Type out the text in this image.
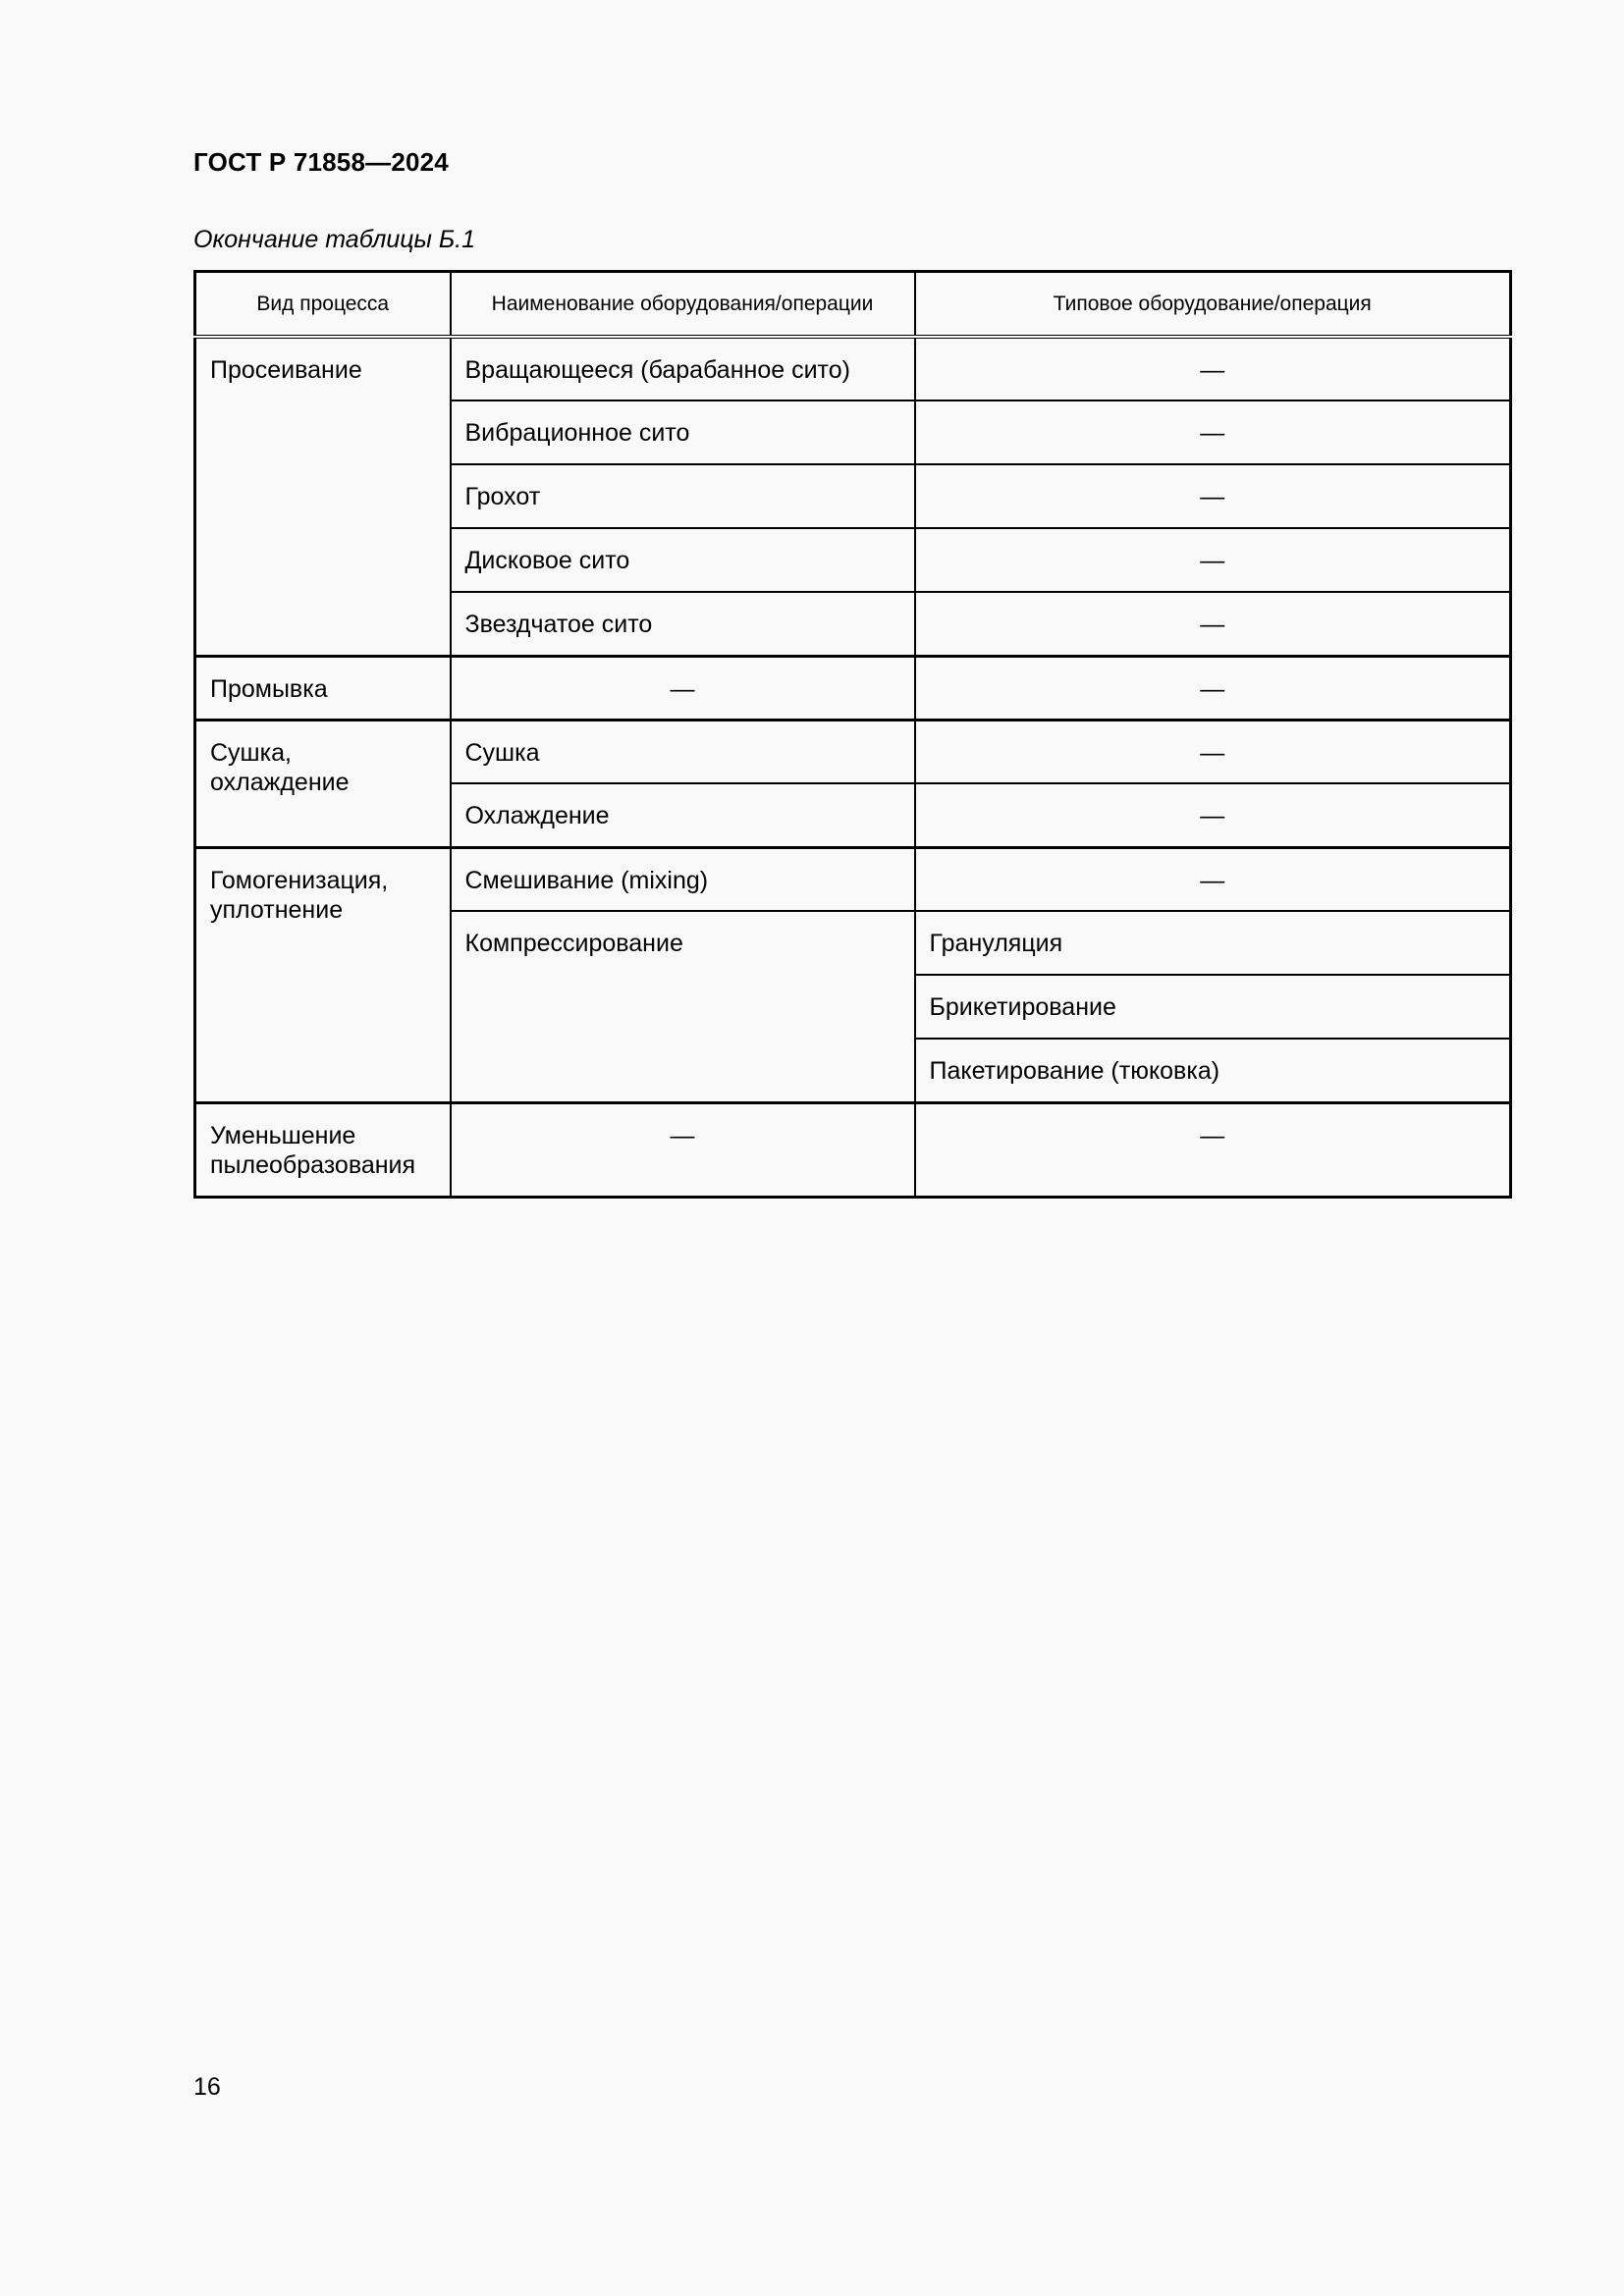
ГОСТ Р 71858—2024
Окончание таблицы Б.1
Вид процесса	Наименование оборудования/операции	Типовое оборудование/операция
Просеивание	Вращающееся (барабанное сито)	—
	Вибрационное сито	—
	Грохот	—
	Дисковое сито	—
	Звездчатое сито	—
Промывка	—	—
Сушка, охлаждение	Сушка	—
	Охлаждение	—
Гомогенизация, уплотнение	Смешивание (mixing)	—
	Компрессирование	Грануляция
		Брикетирование
		Пакетирование (тюковка)
Уменьшение пылеобразования	—	—
16
